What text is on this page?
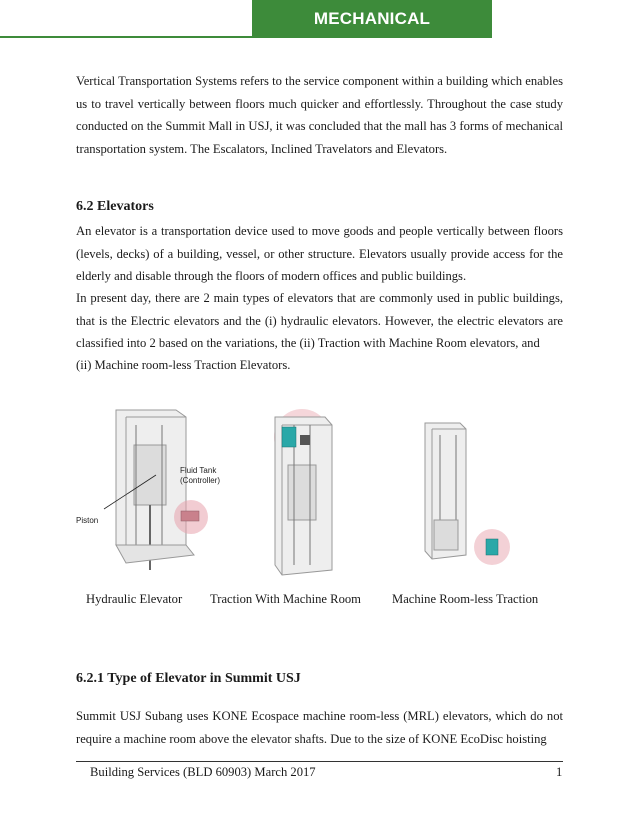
MECHANICAL TRANSPORTATION

Vertical Transportation Systems refers to the service component within a building which enables us to travel vertically between floors much quicker and effortlessly. Throughout the case study conducted on the Summit Mall in USJ, it was concluded that the mall has 3 forms of mechanical transportation system. The Escalators, Inclined Travelators and Elevators.

6.2 Elevators

An elevator is a transportation device used to move goods and people vertically between floors (levels, decks) of a building, vessel, or other structure. Elevators usually provide access for the elderly and disable through the floors of modern offices and public buildings.

In present day, there are 2 main types of elevators that are commonly used in public buildings, that is the Electric elevators and the (i) hydraulic elevators. However, the electric elevators are classified into 2 based on the variations, the (ii) Traction with Machine Room elevators, and

(ii) Machine room-less Traction Elevators.

Fluid Tank
(Controller)
Piston
Hydraulic Elevator Traction With Machine Room Machine Room-less Traction
6.2.1 Type of Elevator in Summit USJ

Summit USJ Subang uses KONE Ecospace machine room-less (MRL) elevators, which do not require a machine room above the elevator shafts. Due to the size of KONE EcoDisc hoisting

Building Services (BLD 60903) March 2017	1
